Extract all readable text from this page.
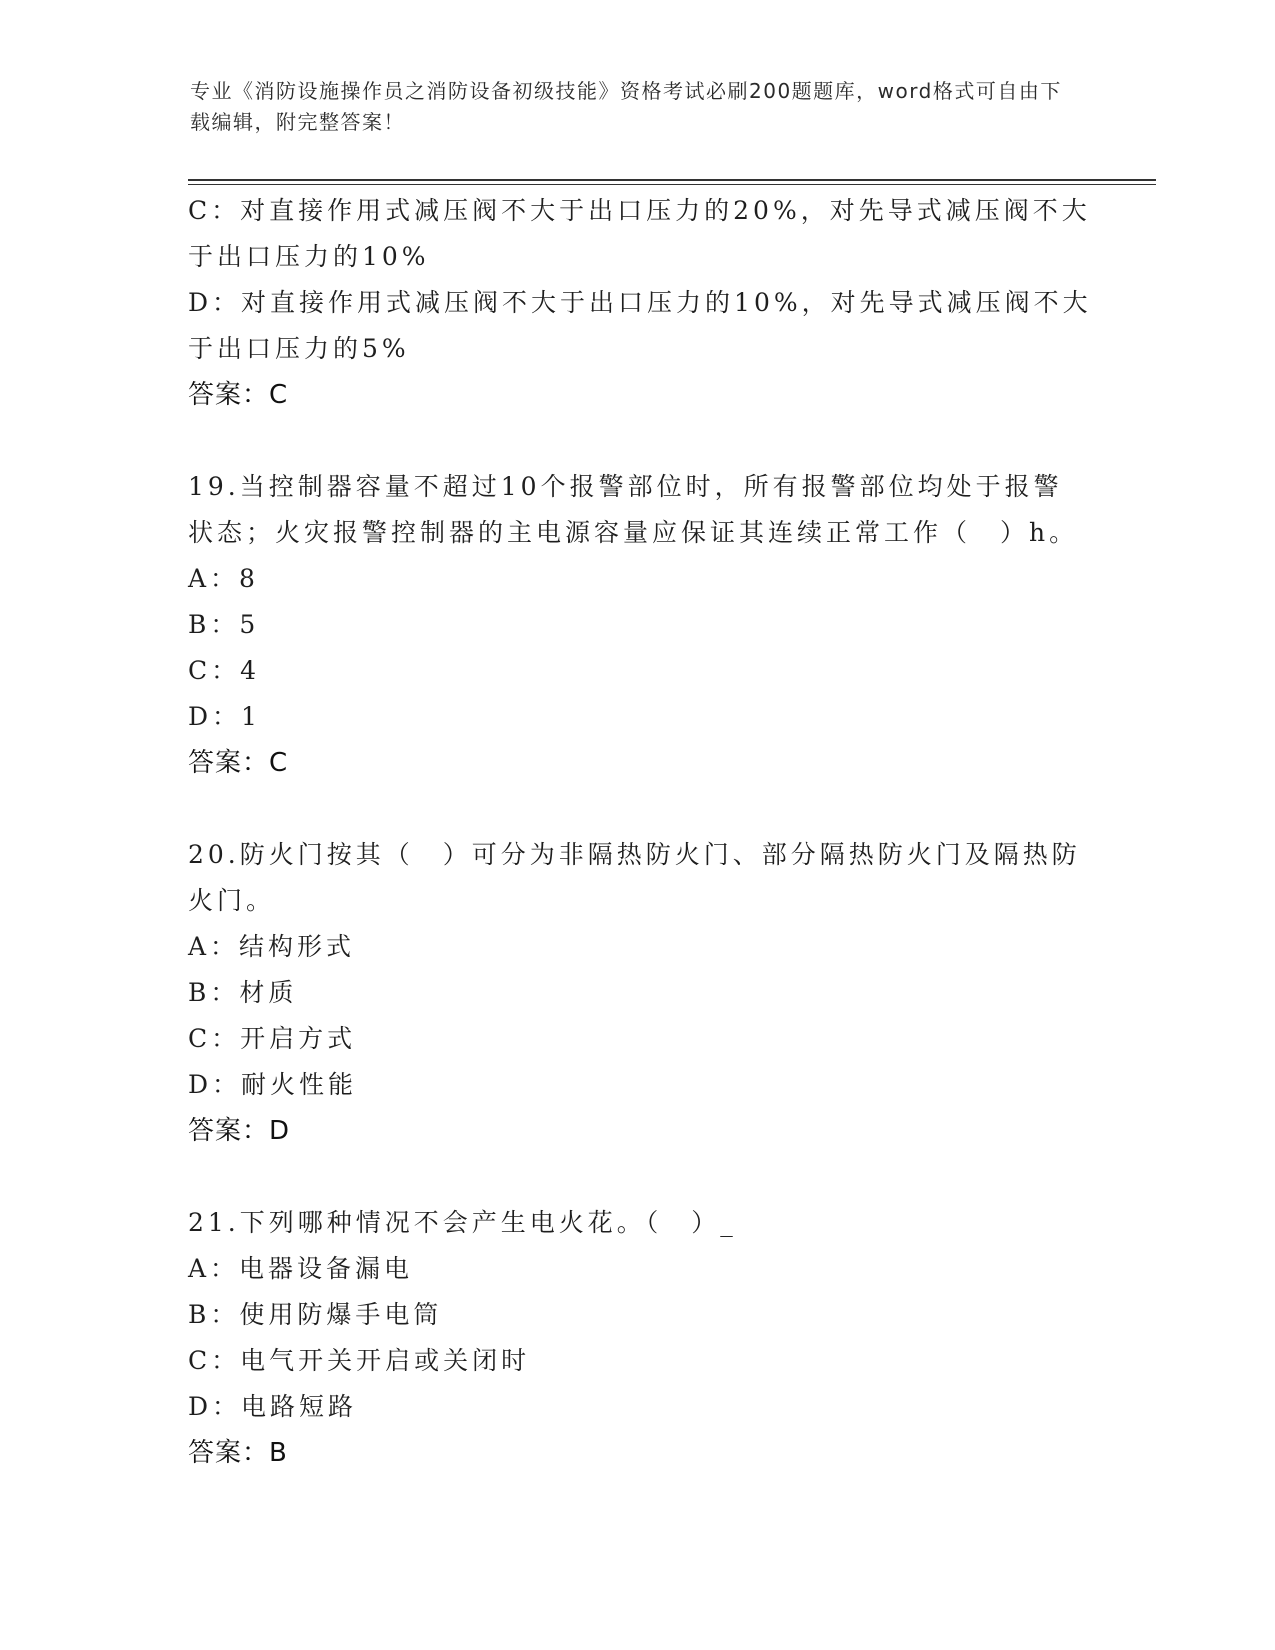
专业《消防设施操作员之消防设备初级技能》资格考试必刷200题题库，word格式可自由下载编辑，附完整答案！
C：对直接作用式减压阀不大于出口压力的20%，对先导式减压阀不大
于出口压力的10%
D：对直接作用式减压阀不大于出口压力的10%，对先导式减压阀不大
于出口压力的5%
答案：C
19.当控制器容量不超过10个报警部位时，所有报警部位均处于报警
状态；火灾报警控制器的主电源容量应保证其连续正常工作（　）h。
A：8
B：5
C：4
D：1
答案：C
20.防火门按其（　）可分为非隔热防火门、部分隔热防火门及隔热防
火门。
A：结构形式
B：材质
C：开启方式
D：耐火性能
答案：D
21.下列哪种情况不会产生电火花。（　）_
A：电器设备漏电
B：使用防爆手电筒
C：电气开关开启或关闭时
D：电路短路
答案：B
